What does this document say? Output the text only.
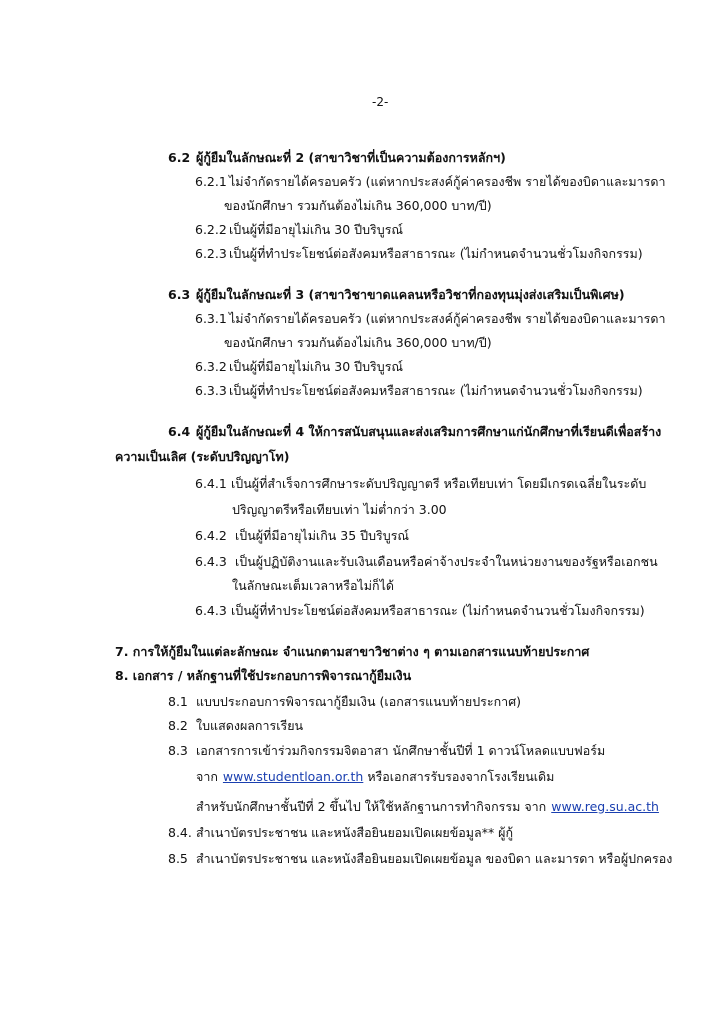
-2-
6.2 ผู้กู้ยืมในลักษณะที่ 2 (สาขาวิชาที่เป็นความต้องการหลักฯ)
6.2.1 ไม่จำกัดรายได้ครอบครัว (แต่หากประสงค์กู้ค่าครองชีพ รายได้ของบิดาและมารดา
ของนักศึกษา รวมกันต้องไม่เกิน 360,000 บาท/ปี)
6.2.2 เป็นผู้ที่มีอายุไม่เกิน 30 ปีบริบูรณ์
6.2.3 เป็นผู้ที่ทำประโยชน์ต่อสังคมหรือสาธารณะ (ไม่กำหนดจำนวนชั่วโมงกิจกรรม)
6.3 ผู้กู้ยืมในลักษณะที่ 3 (สาขาวิชาขาดแคลนหรือวิชาที่กองทุนมุ่งส่งเสริมเป็นพิเศษ)
6.3.1 ไม่จำกัดรายได้ครอบครัว (แต่หากประสงค์กู้ค่าครองชีพ รายได้ของบิดาและมารดา
ของนักศึกษา รวมกันต้องไม่เกิน 360,000 บาท/ปี)
6.3.2 เป็นผู้ที่มีอายุไม่เกิน 30 ปีบริบูรณ์
6.3.3 เป็นผู้ที่ทำประโยชน์ต่อสังคมหรือสาธารณะ (ไม่กำหนดจำนวนชั่วโมงกิจกรรม)
6.4 ผู้กู้ยืมในลักษณะที่ 4 ให้การสนับสนุนและส่งเสริมการศึกษาแก่นักศึกษาที่เรียนดีเพื่อสร้าง
ความเป็นเลิศ (ระดับปริญญาโท)
6.4.1 เป็นผู้ที่สำเร็จการศึกษาระดับปริญญาตรี หรือเทียบเท่า โดยมีเกรดเฉลี่ยในระดับ
ปริญญาตรีหรือเทียบเท่า ไม่ต่ำกว่า 3.00
6.4.2 เป็นผู้ที่มีอายุไม่เกิน 35 ปีบริบูรณ์
6.4.3 เป็นผู้ปฏิบัติงานและรับเงินเดือนหรือค่าจ้างประจำในหน่วยงานของรัฐหรือเอกชน
ในลักษณะเต็มเวลาหรือไม่ก็ได้
6.4.3 เป็นผู้ที่ทำประโยชน์ต่อสังคมหรือสาธารณะ (ไม่กำหนดจำนวนชั่วโมงกิจกรรม)
7. การให้กู้ยืมในแต่ละลักษณะ จำแนกตามสาขาวิชาต่าง ๆ ตามเอกสารแนบท้ายประกาศ
8. เอกสาร / หลักฐานที่ใช้ประกอบการพิจารณากู้ยืมเงิน
8.1 แบบประกอบการพิจารณากู้ยืมเงิน (เอกสารแนบท้ายประกาศ)
8.2 ใบแสดงผลการเรียน
8.3 เอกสารการเข้าร่วมกิจกรรมจิตอาสา นักศึกษาชั้นปีที่ 1 ดาวน์โหลดแบบฟอร์ม
จาก www.studentloan.or.th หรือเอกสารรับรองจากโรงเรียนเดิม
สำหรับนักศึกษาชั้นปีที่ 2 ขึ้นไป ให้ใช้หลักฐานการทำกิจกรรม จาก www.reg.su.ac.th
8.4. สำเนาบัตรประชาชน และหนังสือยินยอมเปิดเผยข้อมูล** ผู้กู้
8.5 สำเนาบัตรประชาชน และหนังสือยินยอมเปิดเผยข้อมูล ของบิดา และมารดา หรือผู้ปกครอง
